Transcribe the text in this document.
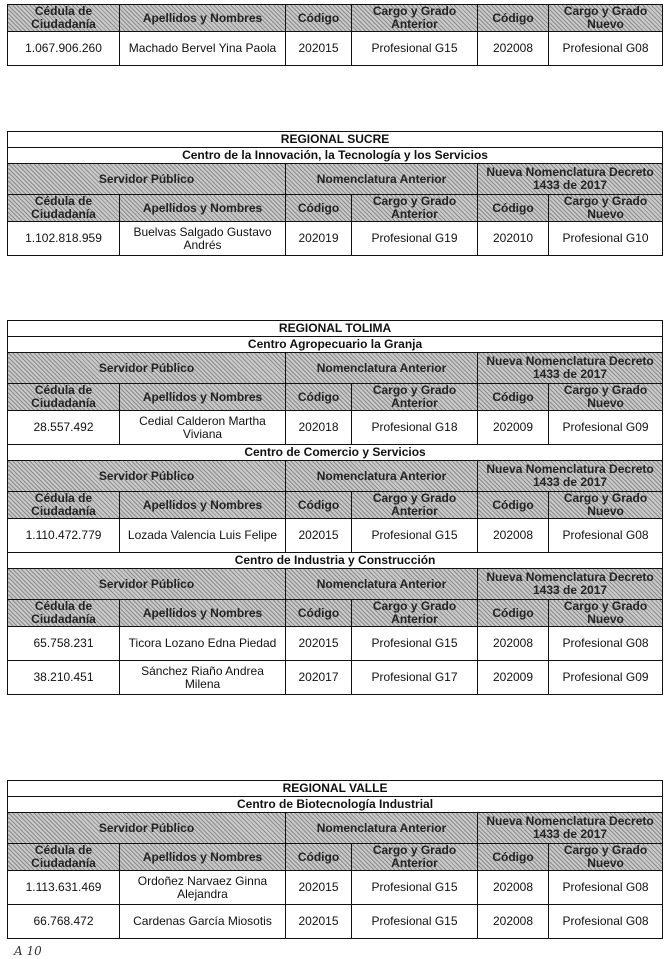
Cédula de Ciudadanía	Apellidos y Nombres	Código	Cargo y Grado Anterior	Código	Cargo y Grado Nuevo
1.067.906.260	Machado Bervel Yina Paola	202015	Profesional G15	202008	Profesional G08
REGIONAL SUCRE					
Centro de la Innovación, la Tecnología y los Servicios					
Servidor Público		Nomenclatura Anterior		Nueva Nomenclatura Decreto 1433 de 2017	
Cédula de Ciudadanía	Apellidos y Nombres	Código	Cargo y Grado Anterior	Código	Cargo y Grado Nuevo
1.102.818.959	Buelvas Salgado Gustavo Andrés	202019	Profesional G19	202010	Profesional G10
REGIONAL TOLIMA					
Centro Agropecuario la Granja					
Servidor Público		Nomenclatura Anterior		Nueva Nomenclatura Decreto 1433 de 2017	
Cédula de Ciudadanía	Apellidos y Nombres	Código	Cargo y Grado Anterior	Código	Cargo y Grado Nuevo
28.557.492	Cedial Calderon Martha Viviana	202018	Profesional G18	202009	Profesional G09
Centro de Comercio y Servicios					
Servidor Público		Nomenclatura Anterior		Nueva Nomenclatura Decreto 1433 de 2017	
Cédula de Ciudadanía	Apellidos y Nombres	Código	Cargo y Grado Anterior	Código	Cargo y Grado Nuevo
1.110.472.779	Lozada Valencia Luis Felipe	202015	Profesional G15	202008	Profesional G08
Centro de Industria y Construcción					
Servidor Público		Nomenclatura Anterior		Nueva Nomenclatura Decreto 1433 de 2017	
Cédula de Ciudadanía	Apellidos y Nombres	Código	Cargo y Grado Anterior	Código	Cargo y Grado Nuevo
65.758.231	Ticora Lozano Edna Piedad	202015	Profesional G15	202008	Profesional G08
38.210.451	Sánchez Riaño Andrea Milena	202017	Profesional G17	202009	Profesional G09
REGIONAL VALLE					
Centro de Biotecnología Industrial					
Servidor Público		Nomenclatura Anterior		Nueva Nomenclatura Decreto 1433 de 2017	
Cédula de Ciudadanía	Apellidos y Nombres	Código	Cargo y Grado Anterior	Código	Cargo y Grado Nuevo
1.113.631.469	Ordoñez Narvaez Ginna Alejandra	202015	Profesional G15	202008	Profesional G08
66.768.472	Cardenas García Miosotis	202015	Profesional G15	202008	Profesional G08
A 10
